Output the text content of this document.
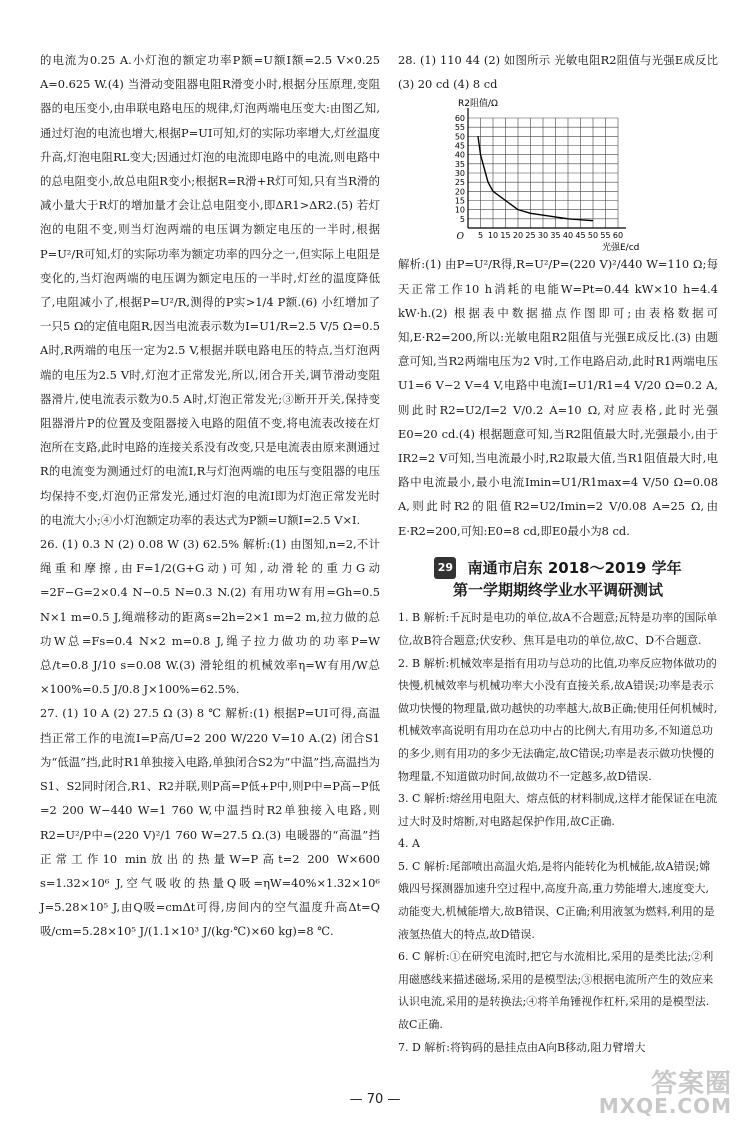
的电流为0.25 A.小灯泡的额定功率P额=U额I额=2.5 V×0.25 A=0.625 W.(4) 当滑动变阻器电阻R滑变小时,根据分压原理,变阻器的电压变小,由串联电路电压的规律,灯泡两端电压变大:由图乙知,通过灯泡的电流也增大,根据P=UI可知,灯的实际功率增大,灯丝温度升高,灯泡电阻RL变大;因通过灯泡的电流即电路中的电流,则电路中的总电阻变小,故总电阻R变小;根据R=R滑+R灯可知,只有当R滑的减小量大于R灯的增加量才会让总电阻变小,即ΔR1>ΔR2.(5) 若灯泡的电阻不变,则当灯泡两端的电压调为额定电压的一半时,根据P=U²/R可知,灯的实际功率为额定功率的四分之一,但实际上电阻是变化的,当灯泡两端的电压调为额定电压的一半时,灯丝的温度降低了,电阻减小了,根据P=U²/R,测得的P实>1/4 P额.(6) 小红增加了一只5 Ω的定值电阻R,因当电流表示数为I=U1/R=2.5 V/5 Ω=0.5 A时,R两端的电压一定为2.5 V,根据并联电路电压的特点,当灯泡两端的电压为2.5 V时,灯泡才正常发光,所以,闭合开关,调节滑动变阻器滑片,使电流表示数为0.5 A时,灯泡正常发光;③断开开关,保持变阻器滑片P的位置及变阻器接入电路的阻值不变,将电流表改接在灯泡所在支路,此时电路的连接关系没有改变,只是电流表由原来测通过R的电流变为测通过灯的电流I,R与灯泡两端的电压与变阻器的电压均保持不变,灯泡仍正常发光,通过灯泡的电流I即为灯泡正常发光时的电流大小;④小灯泡额定功率的表达式为P额=U额I=2.5 V×I.

26. (1) 0.3 N (2) 0.08 W (3) 62.5% 解析:(1) 由图知,n=2,不计绳重和摩擦,由F=1/2(G+G动)可知,动滑轮的重力G动=2F−G=2×0.4 N−0.5 N=0.3 N.(2) 有用功W有用=Gh=0.5 N×1 m=0.5 J,绳端移动的距离s=2h=2×1 m=2 m,拉力做的总功W总=Fs=0.4 N×2 m=0.8 J,绳子拉力做功的功率P=W总/t=0.8 J/10 s=0.08 W.(3) 滑轮组的机械效率η=W有用/W总×100%=0.5 J/0.8 J×100%=62.5%.

27. (1) 10 A (2) 27.5 Ω (3) 8 ℃ 解析:(1) 根据P=UI可得,高温挡正常工作的电流I=P高/U=2 200 W/220 V=10 A.(2) 闭合S1为“低温”挡,此时R1单独接入电路,单独闭合S2为“中温”挡,高温挡为S1、S2同时闭合,R1、R2并联,则P高=P低+P中,则P中=P高−P低=2 200 W−440 W=1 760 W,中温挡时R2单独接入电路,则R2=U²/P中=(220 V)²/1 760 W=27.5 Ω.(3) 电暖器的“高温”挡正常工作10 min放出的热量W=P高t=2 200 W×600 s=1.32×10⁶ J,空气吸收的热量Q吸=ηW=40%×1.32×10⁶ J=5.28×10⁵ J,由Q吸=cmΔt可得,房间内的空气温度升高Δt=Q吸/cm=5.28×10⁵ J/(1.1×10³ J/(kg·℃)×60 kg)=8 ℃.

28. (1) 110 44 (2) 如图所示 光敏电阻R2阻值与光强E成反比 (3) 20 cd (4) 8 cd

5 10 15 20 25 30 35 40 45 50 55 60
5
10
15
20
25
30
35
40
45
50
55
60
O
R2阻值/Ω
光强E/cd

解析:(1) 由P=U²/R得,R=U²/P=(220 V)²/440 W=110 Ω;每天正常工作10 h消耗的电能W=Pt=0.44 kW×10 h=4.4 kW·h.(2) 根据表中数据描点作图即可;由表格数据可知,E·R2=200,所以:光敏电阻R2阻值与光强E成反比.(3) 由题意可知,当R2两端电压为2 V时,工作电路启动,此时R1两端电压U1=6 V−2 V=4 V,电路中电流I=U1/R1=4 V/20 Ω=0.2 A,则此时R2=U2/I=2 V/0.2 A=10 Ω,对应表格,此时光强E0=20 cd.(4) 根据题意可知,当R2阻值最大时,光强最小,由于IR2=2 V可知,当电流最小时,R2取最大值,当R1阻值最大时,电路中电流最小,最小电流Imin=U1/R1max=4 V/50 Ω=0.08 A,则此时R2的阻值R2=U2/Imin=2 V/0.08 A=25 Ω,由E·R2=200,可知:E0=8 cd,即E0最小为8 cd.

29 南通市启东 2018～2019 学年
第一学期期终学业水平调研测试

1. B 解析:千瓦时是电功的单位,故A不合题意;瓦特是功率的国际单位,故B符合题意;伏安秒、焦耳是电功的单位,故C、D不合题意.

2. B 解析:机械效率是指有用功与总功的比值,功率反应物体做功的快慢,机械效率与机械功率大小没有直接关系,故A错误;功率是表示做功快慢的物理量,做功越快的功率越大,故B正确;使用任何机械时,机械效率高说明有用功在总功中占的比例大,有用功多,不知道总功的多少,则有用功的多少无法确定,故C错误;功率是表示做功快慢的物理量,不知道做功时间,故做功不一定越多,故D错误.

3. C 解析:熔丝用电阻大、熔点低的材料制成,这样才能保证在电流过大时及时熔断,对电路起保护作用,故C正确.

4. A

5. C 解析:尾部喷出高温火焰,是将内能转化为机械能,故A错误;嫦娥四号探测器加速升空过程中,高度升高,重力势能增大,速度变大,动能变大,机械能增大,故B错误、C正确;利用液氢为燃料,利用的是液氢热值大的特点,故D错误.

6. C 解析:①在研究电流时,把它与水流相比,采用的是类比法;②利用磁感线来描述磁场,采用的是模型法;③根据电流所产生的效应来认识电流,采用的是转换法;④将羊角锤视作杠杆,采用的是模型法.故C正确.

7. D 解析:将钩码的悬挂点由A向B移动,阻力臂增大

— 70 —
答案圈
MXQE.COM
